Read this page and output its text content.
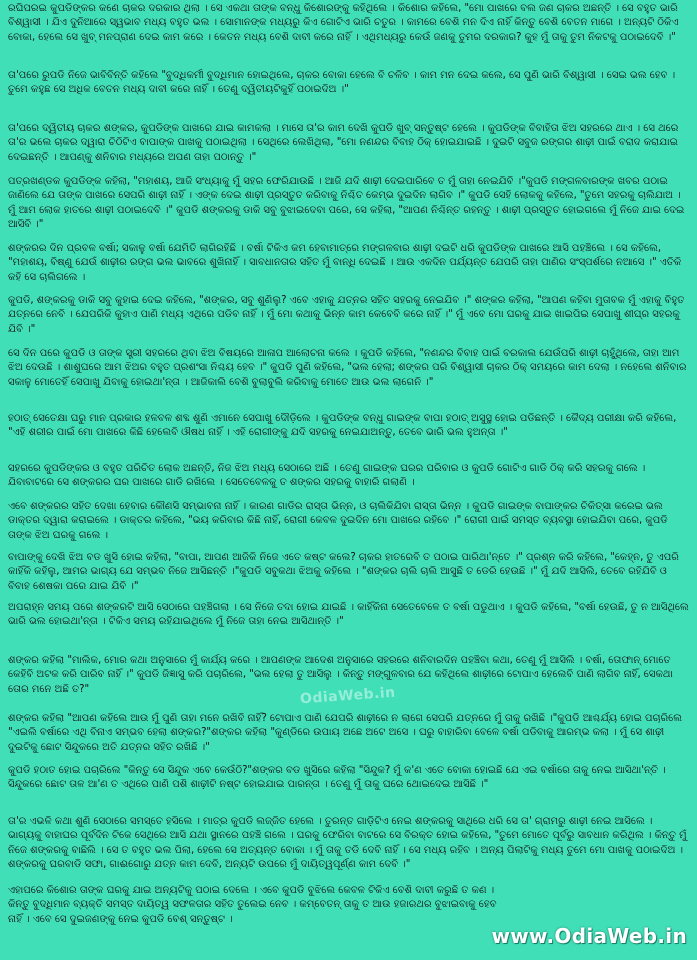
ରଘିପରଇ କୁପଡିଙ୍କର କଣେ ଚାକର ଦରକାର ଥିଲା । ସେ ଏକଥା ତାଙ୍କ ବନ୍ଧୁ କିଶୋରଙ୍କୁ କହିଥିଲେ । କିଶୋର କହିଲେ, "ମୋ ପାଖରେ ବଲ ଜଣ ଚାକର ଅଛନ୍ତି । ସେ ବହୁତ ଭାରି ବିଶ୍ୱାସୀ । ଯିଏ ଦୁନିଆରେ ସ୍ୱଭାବ ମଧ୍ୟ ବହୁତ ଭଲ । ସୋମାନଙ୍କ ମଧ୍ୟରୁ କିଏ ଗୋଟିଏ ଭାରି ଚତୁର । କାମରେ ବେଶି ମନ ଦିଏ ନାହିଁ କିନ୍ତୁ ବେଶି ବେତନ ମାଗେ । ଅନ୍ୟଟି ଠିକିଏ ବୋକା, ହେଲେ ସେ ଖୁବ୍ ମନପ୍ରାଣ ଦେଇ କାମ କରେ । କେତନ ମଧ୍ୟ ବେଶି ଦାବୀ କରେ ନାହିଁ । ଏଥିମଧ୍ୟରୁ କେଉଁ ଜଣକୁ ତୁମର ଦରକାର? କୁହ ମୁଁ ତାକୁ ତୁମ ନିକଟକୁ ପଠାଇଦେବି ।"

ତା'ପରେ ରୁପଡି ନିଜେ ଭାବିବିନ୍ତି କହିଲେ "ବୁଦ୍ଧିକର୍ମୀ ବୁଦ୍ଧିମାନ ହୋଇଥିଲେ, ଚାକର ବୋକା ହେଲେ ବି ଚଳିବ । କାମ ମନ ଦେଇ କଲେ, ସେ ପୁଣି ଭାରି ବିଶ୍ୱାସୀ । ସେଇ ଭଲ ହେବ । ତୁମେ କହୁଛ ସେ ଅଧିକ ବେତନ ମଧ୍ୟ ଦାବୀ କରେ ନାହିଁ । ତେଣୁ ଦ୍ୱିତୀୟଟିକୁହିଁ ପଠାଇଦିଅ ।"

ତା'ପରେ ଦ୍ୱିତୀୟ ଚାକର ଶଙ୍କର, କୁପଡିଙ୍କ ପାଖରେ ଯାଇ କାମକଲା । ମାସେ ତା'ର କାମ ଦେଖି କୁପଡି ଖୁବ୍ ସନ୍ତୁଷ୍ଟ ହେଲେ । କୁପଡିଙ୍କ ବିବାହିତା ଝିଅ ସହରରେ ଥାଏ । ସେ ଥରେ ତା'ର ଭଲେ ଚାକର ଦ୍ୱାରା ଚିଠିଟିଏ ବାପାଙ୍କ ପାଖକୁ ପଠାଇଥିଲା । ସେଥିରେ ଲେଖିଥିଲା, "ମୋ ନଣନ୍ଦର ବିବାହ ଠିକ୍ ହୋଇଯାଇଛି । ଦୁଇଟି ସବୁଜ ରଙ୍ଗର ଶାଢ଼ୀ ପାଇଁ ବରାଦ କରାଯାଇ ଦେଇଛନ୍ତି । ଆପଣ୍କୁ ଶନିବାର ମଧ୍ୟରେ ଅପଣ ତାହା ପଠାନ୍ତୁ ।"

ପତ୍ରଖଣ୍ଡକ କୁପଡିଙ୍କ କହିଲା, "ମହାଶୟ, ଆଜି ସଂଧ୍ୟାକୁ ମୁଁ ସହର ଫେରିଯାଉଛି । ଆଜି ଯଦି ଶାଢ଼ୀ ଦେଇପାରିବେ ତ ମୁଁ ତାହା ନେଇଯିବି ।"କୁପଡି ମଙ୍ଗଳବାରଙ୍କ ଖବର ପଠାଇ ଜାଣିଲେ ଯେ ତାଙ୍କ ପାଖରେ ସେପରି ଶାଢ଼ୀ ନାହିଁ । ଏଙ୍କ ଦେଇ ଶାଢ଼ୀ ପ୍ରସ୍ତୁତ କରିବାକୁ ନିଶ୍ଚିତ କେମ୍ଭ ଦୁଇଦିନ ଲାଗିବ ।" କୁପଡି ସେହି ଲୋକକୁ କହିଲେ, "ତୁମେ ସହରକୁ ଚାଲିଯାଅ । ମୁଁ ଆମ ଲୋକ ହାତରେ ଶାଢ଼ୀ ପଠାଇଦେବି ।" କୁପଡି ଶଙ୍କରକୁ ଡାକି ସବୁ ବୁଝାଇଦେବା ପରେ, ସେ କହିଲା, "ଆପଣ ନିଶ୍ଚିନ୍ତ ରହନ୍ତୁ । ଶାଢ଼ୀ ପ୍ରସ୍ତୁତ ହୋଇଗଲେ ମୁଁ ନିଜେ ଯାଇ ଦେଇ ଆସିବି ।"

ଶଙ୍କରର ଦିନ ପ୍ରବଳ ବର୍ଷା; ସକାଳୁ ବର୍ଷା ଯେମିତି ଲାଗିରହିଛି । ବର୍ଷା ଟିକିଏ କମ ହେବାମାତ୍ରେ ମଙ୍ଗଳବାର ଶାଢ଼ୀ ଦଇଟି ଧରି କୁପଡିଙ୍କ ପାଖରେ ଆସି ପହଞ୍ଚିଲେ । ସେ କହିଲେ, "ମହାଶୟ, ବିଷ୍ଣୁ ଯେଉଁ ଶାଢ଼ୀର ରଙ୍ଗ ଭଲ ଭାବରେ ଶୁଖିନାହିଁ । ସାବଧାନତାର ସହିତ ମୁଁ ବାନ୍ଧି ଦେଇଛି । ଆଉ ଏକଦିନ ପର୍ଯ୍ୟନ୍ତ ଯେପରି ତାହା ପାଣିର ସଂସ୍ପର୍ଶରେ ନଆସେ ।" ଏତିକି କହି ସେ ଚାଲିଗଲେ ।

କୁପଡି, ଶଙ୍କରକୁ ଡାକି ସବୁ କୁହାଇ ଦେଇ କହିଲେ, "ଶଙ୍କର, ସବୁ ଶୁଣିଲୁ? ଏବେ ଏହାକୁ ଯତ୍ନର ସହିତ ସହରକୁ ନେଇଯିବ ।" ଶଙ୍କର କହିଲା, "ଆପଣ କହିବା ମୁତାବକ ମୁଁ ଏହାକୁ ବିହୁତ ଯତ୍ନରେ ନେବି । ଯେପରିକି କୁହାଏ ପାଣି ମଧ୍ୟ ଏଥିରେ ପଡିବ ନାହିଁ । ମୁଁ ମୋ କଥାକୁ ଭିନ୍ନ କାମ କେବେବି କରେ ନାହିଁ ।" ମୁଁ ଏବେ ମୋ ଘରକୁ ଯାଇ ଖାଇପିଇ ସେପାଖୁ ଶୀଘ୍ର ସହରକୁ ଯିବି ।"

ସେ ଦିନ ପରେ କୁପଡି ଓ ତାଙ୍କ ସ୍ତ୍ରୀ ସହରରେ ଥିବା ଝିଅ ବିଷୟରେ ଆଳାପ ଆଲୋଚନା କଲେ । କୁପଡି କହିଲେ, "ନଣନ୍ଦର ବିବାହ ପାଇଁ ବରକାଲ ଯେଉଁପରି ଶାଢ଼ୀ ଚାହୁଁଥିଲେ, ତାହା ଆମ ଝିଅ ଦେଉଛି । ଶାଶୁଘରେ ଆମ ଝିଅର ବହୁତ ପ୍ରଶଂସା ନିଶ୍ଚୟ ହେବ ।" କୁପଡି ପୁଣି କହିଲେ, "ଭଲ ହେଲା; ଶଙ୍କର ପରି ବିଶ୍ୱାସୀ ଚାକର ଠିକ୍ ସମୟରେ କାମ ଦେଲା । ନହେଲେ ଶନିବାର ସକାଳୁ ମୋତେହିଁ ସେପାଖୁ ଯିବାକୁ ହୋଇଥା'ନ୍ତା । ଆଜିକାଲି ବେଶି ବୁଲାବୁଲି କରିବାକୁ ମୋତେ ଆଉ ଭଲ ଲାଗେନି ।"

ହଠାତ୍ ସେତେକ୍ଷା ଘରୁ ମାନ ପ୍ରକାର ହଳବଳ ଶବ୍ଦ ଶୁଣି ଏମାନେ ସେପାଖୁ ଦୌଡ଼ିଲେ । କୁପଡିଙ୍କ ବନ୍ଧୁ ଗାଇଙ୍କ ବାପା ହଠାତ୍ ଅସୁସ୍ଥ ହୋଇ ପଡିଛନ୍ତି । କୈଦ୍ୟ ପରୀକ୍ଷା କରି କହିଲେ, "ଏହି ଶରୀର ପାଇଁ ମୋ ପାଖରେ କିଛି ହେଲେବି ଔଷଧ ନାହିଁ । ଏହି ରୋଗୀଙ୍କୁ ଯଦି ସହରକୁ ନେଇଯାଅନ୍ତୁ, ତେବେ ଭାରି ଭଲ ହୁଅନ୍ତା ।"

ସହରରେ କୁପଡିଙ୍କର ଓ ବହୁତ ପରିଚିତ ଲୋକ ଅଛନ୍ତି, ନିଜ ଝିଅ ମଧ୍ୟ ସେଠାରେ ଅଛି । ତେଣୁ ଗାଇଙ୍କ ଘରର ପରିବାର ଓ କୁପଡି ଗୋଟିଏ ଗାଡି ଠିକ୍ କରି ସହରକୁ ଗଲେ । ଯିବାବାଟରେ ସେ ଶଙ୍କରର ଘର ପାଖରେ ଗାଡି ରଖିଲେ । ସେତେବେଳକୁ ତ ଶଙ୍କର ସହରକୁ ବାହାରି ଗଲାଣି ।

ଏବେ ଶଙ୍କରର ସହିତ ଦେଖା ହେବାର କୌଣସି ସମ୍ଭାବନା ନାହିଁ । କାରଣ ଗାଡିର ରାସ୍ତା ଭିନ୍ନ, ଓ ଚାଲିକିଯିବା ରାସ୍ତା ଭିନ୍ନ । କୁପଡି ଗାଇଙ୍କ ବାପାଙ୍କର ଚିକିତ୍ସା କରେଇ ଭଲ ଡାକ୍ତର ଦ୍ୱାରା କରାଇଲେ । ଡାକ୍ତର କହିଲେ, "ଭୟ କରିବାର କିଛି ନାହିଁ, ରୋଗୀ କେବଳ ଦୁଇଦିନ ମୋ ପାଖରେ ରହିବେ ।" ରୋଗୀ ପାଇଁ ସମସ୍ତ ବ୍ୟବସ୍ଥା ହୋଇଯିବା ପରେ, କୁପଡି ତାଙ୍କ ଝିଅ ଘରକୁ ଗଲେ ।

ବାପାଙ୍କୁ ଦେଖି ଝିଅ ବଡ ଖୁସି ହୋଇ କହିଲା, "ବାପା, ଆପଣ ଆଜିକି ନିଜେ ଏତେ କଷ୍ଟ କଲେ? ଚାକର ହାତରେବି ତ ପଠାଇ ପାରିଥା'ନ୍ତେ ।" ପ୍ରଶ୍ନ କରି କହିଲେ, "କେହ୍ନ, ତୁ ଏପରି କାହିଁକି କହିଲୁ, ଆମର ଭାଗ୍ୟ ଯେ ସମ୍ଭବ ନିଜେ ଆସିଛନ୍ତି ।"କୁପଡି ସବୁକଥା ଝିଅକୁ କହିଲେ । "ଶଙ୍କର ଚାଲି ଚାଲି ଆସୁଛି ତ ଡେରି ହେଉଛି ।" ମୁଁ ଯଦି ଆସିଲି, ତେବେ ରହିଯିବି ଓ ବିବାହ ଶେଷକା ପରେ ଯାଇ ଯିବି ।"

ଅପରାହ୍ନ ସମୟ ପରେ ଶଙ୍କରଟି ଆସି ସେଠାରେ ପହଞ୍ଚିଗଲା । ସେ ନିଜେ ତଦା ହୋଇ ଯାଇଛି । କାହିଁକିନା ସେତେବେଳେ ତ ବର୍ଷା ପଡୁଥାଏ । କୁପଡି କହିଲେ, "ବର୍ଷା ହେଉଛି, ତୁ ନ ଆସିଥିଲେ ଭାରି ଭଲ ହୋଇଥା'ନ୍ତା । ଟିକିଏ ସମୟ ରହିଯାଇଥିଲେ ମୁଁ ନିଜେ ତାହା ନେଇ ଆସିଥାନ୍ତି ।"

ଶଙ୍କର କହିଲା "ମାଲିକ, ମୋର କଥା ଅନୁସାରେ ମୁଁ କାର୍ଯ୍ୟ କରେ । ଆପଣଙ୍କ ଆଦେଶ ଅନୁସାରେ ସହରରେ ଶନିବାରଦିନ ପହଞ୍ଚିବା କଥା, ତେଣୁ ମୁଁ ଆସିଲି । ବର୍ଷା, ତୋଫାନ୍ ମୋତେ କେହିବି ଅଟକ କରି ପାରିବ ନାହିଁ ।" କୁପଡି ଜିଜ୍ଞାସୁ କରି ପଚାରିଲେ, "ଭଲ ହେଲା ତୁ ଆସିଲୁ । କିନ୍ତୁ ମଙ୍ଗୁଳବାର ଯେ କହିଥିଲେ ଶାଢ଼ୀରେ ଟୋପାଏ ହେଲେବି ପାଣି ଲାଗିବ ନାହିଁ, ସେକଥା ତୋର ମନେ ଅଛି ତ?"

ଶଙ୍କର କହିଲା "ଆପଣ କହିଲେ ଆଉ ମୁଁ ପୁଣି ତାହା ମନେ ରଖିବି ନାହିଁ? ଟୋପାଏ ପାଣି ଯେପରି ଶାଢ଼ୀରେ ନ ଲାଗେ ସେପରି ଯତ୍ନରେ ମୁଁ ତାକୁ ରଖିଛି ।"କୁପଡି ଆଶ୍ଚର୍ଯ୍ୟ ହୋଇ ପଚାରିଲେ "ଏଇଲି ବର୍ଷାରେ ଏଥି ବିନାଏ ସମ୍ଭବ ହେଲା ଶଙ୍କର?"ଶଙ୍କର କହିଲା "କୁଣ୍ଡିରେ ଉପାୟ ଅଛେ ଅଟେ ଅସେ । ଘରୁ ବାହାରିବା ବେଳେ ବର୍ଷା ପଡିବାକୁ ଆରମ୍ଭ କଲା । ମୁଁ ସେ ଶାଢ଼ୀ ଦୁଇଟିକୁ ଛୋଟ ସିନ୍ଦୁକରେ ଅତି ଯତ୍ନର ସହିତ ରଖିଛି ।"

କୁପଡି ହଠାତ ହୋଇ ପଚାରିଲେ "କିନ୍ତୁ ସେ ସିନ୍ଦୁକ ଏବେ କେଉଁଠି?"ଶଙ୍କର ବଡ ଖୁସିରେ କହିଲା "ସିନ୍ଦୁକ? ମୁଁ କ'ଣ ଏତେ ବୋକା ହୋଇଛି ଯେ ଏଇ ବର୍ଷାରେ ତାକୁ ନେଇ ଆସିଥା'ନ୍ତି । ସିନ୍ଦୁକରେ ଛୋଟ ତାଳ ଆ'ଣ ତ ଏଥିରେ ପାଣି ପଶି ଶାଢ଼ୀଟି ନଷ୍ଟ ହୋଇଯାଇ ପାରନ୍ତା । ତେଣୁ ମୁଁ ତାକୁ ଘରେ ଥୋଇଦେଇ ଆସିଛି ।"

ତା'ର ଏଭଳି କଥା ଶୁଣି ସେଠାରେ ସମସ୍ତେ ହସିଲେ । ମାତ୍ର କୁପଡି ଲଜ୍ଜିତ ହେଲେ । ତୁରନ୍ତ ଗାଡ଼ିଟିଏ ନେଇ ଶଙ୍କରକୁ ସାଥିରେ ଧରି ସେ ତା' ଗ୍ରାମରୁ ଶାଢ଼ୀ ନେଇ ଆସିଲେ । ଭାଗ୍ୟକୁ ବାହାଘର ପୂର୍ବଦିନ ଟିକେ ସେଥିରେ ଆସି ଯଥା ସ୍ଥାନରେ ପହଞ୍ଚି ଗଲେ । ଘରକୁ ଫେରିବା ବାଟରେ ସେ ବିରକ୍ତ ହୋଇ କହିଲେ, "ତୁମେ ମୋତେ ପୂର୍ବରୁ ସାବଧାନ କରିଥିଲ । କିନ୍ତୁ ମୁଁ ନିଜେ ଶଙ୍କରକୁ ବାଛିଲି । ସେ ତ ବହୁତ ଭଲ ପିଲା, ହେଲେ ସେ ଅତ୍ୟନ୍ତ ବୋକା । ମୁଁ ତାକୁ ତଡି ଦେବି ନାହିଁ । ସେ ମଧ୍ୟ ରହିବ । ଅନ୍ୟ ପିଲାଟିକୁ ମଧ୍ୟ ତୁମେ ମୋ ପାଖକୁ ପଠାଇଦିଅ । ଶଙ୍କରକୁ ଘରବାଡି ସଫା, ଗାଈଗୋରୁ ଯତ୍ନ କାମ ଦେବି, ଅନ୍ୟଟି ଉପରେ ମୁଁ ଦାୟିତ୍ୱପୂର୍ଣ୍ଣ କାମ ଦେବି ।"

ଏହାପରେ କିଶୋର ତାଙ୍କ ଘରକୁ ଯାଇ ଅନ୍ୟଟିକୁ ପଠାଇ ଦେଲେ । ଏବେ କୁପଡି ବୁଝିଲେ କେବଳ ଟିକିଏ ବେଶି ଦାବୀ କରୁଛି ତ କଣ । କିନ୍ତୁ ବୁଦ୍ଧିମାନ ବ୍ୟକ୍ତି ସମସ୍ତ ଦାୟିତ୍ୱ ସଫଳତାର ସହିତ ତୁଲେଇ ନେବ । କମ୍ବେତନ୍ ତାକୁ ତ ଆଉ ହଜାରଥର ବୁଝାଇବାକୁ ହେବ ନାହିଁ । ଏବେ ସେ ଦୁଇଜଣଙ୍କୁ ନେଇ କୁପଡି ବେଶ୍ ସନ୍ତୁଷ୍ଟ ।

OdiaWeb.in
www.OdiaWeb.in
